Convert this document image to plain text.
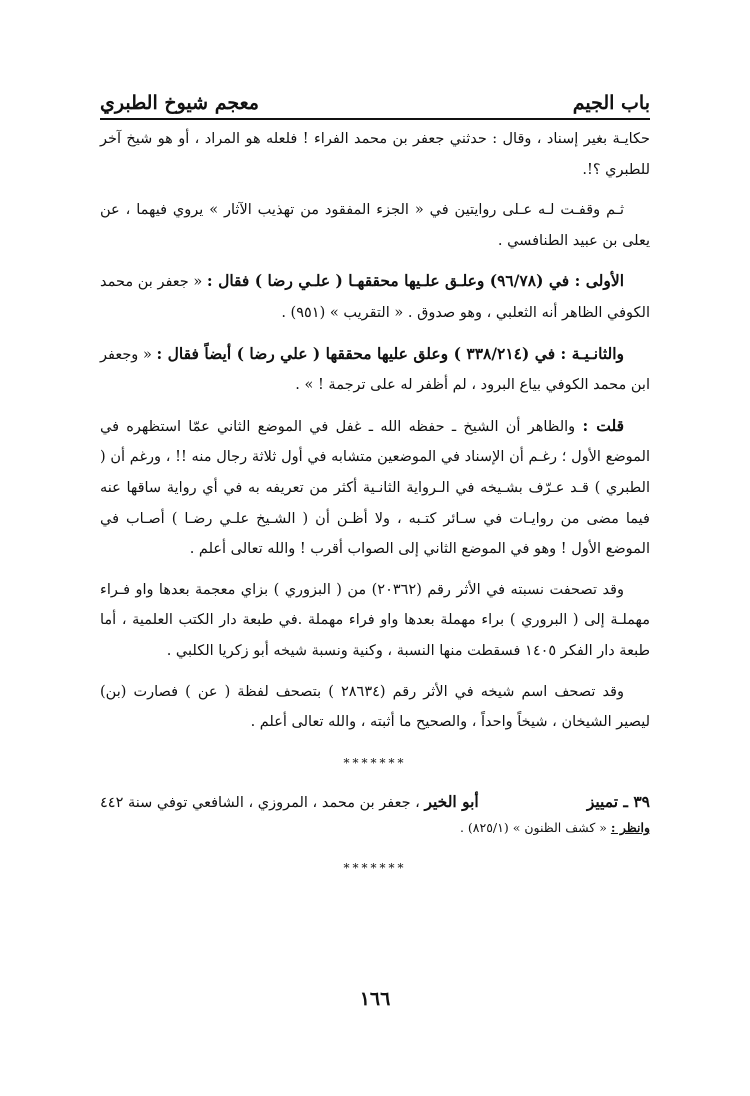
باب الجيم
معجم شيوخ الطبري

حكايـة بغير إسناد ، وقال : حدثني جعفر بن محمد الفراء ! فلعله هو المراد ، أو هو شيخ آخر للطبري ؟!.

ثـم وقفـت لـه عـلى روايتين في « الجزء المفقود من تهذيب الآثار » يروي فيهما ، عن يعلى بن عبيد الطنافسي .

الأولى : في (٩٦/٧٨) وعلـق علـيها محققهـا ( علـي رضا ) فقال : « جعفر بن محمد الكوفي الظاهر أنه الثعلبي ، وهو صدوق . « التقريب » (٩٥١) .

والثانـيـة : في (٣٣٨/٢١٤ ) وعلق عليها محققها ( علي رضا ) أيضاً فقال : « وجعفر ابن محمد الكوفي بياع البرود ، لم أظفر له على ترجمة ! » .

قلت : والظاهر أن الشيخ ـ حفظه الله ـ غفل في الموضع الثاني عمّا استظهره في الموضع الأول ؛ رغـم أن الإسناد في الموضعين متشابه في أول ثلاثة رجال منه !! ، ورغم أن ( الطبري ) قـد عـرّف بشـيخه في الـرواية الثانـية أكثر من تعريفه به في أي رواية ساقها عنه فيما مضى من روايـات في سـائر كتـبه ، ولا أظـن أن ( الشـيخ علـي رضـا ) أصـاب في الموضع الأول ! وهو في الموضع الثاني إلى الصواب أقرب ! والله تعالى أعلم .

وقد تصحفت نسبته في الأثر رقم (٢٠٣٦٢) من ( البزوري ) بزاي معجمة بعدها واو فـراء مهملـة إلى ( البروري ) براء مهملة بعدها واو فراء مهملة .في طبعة دار الكتب العلمية ، أما طبعة دار الفكر ١٤٠٥ فسقطت منها النسبة ، وكنية ونسبة شيخه أبو زكريا الكلبي .

وقد تصحف اسم شيخه في الأثر رقم (٢٨٦٣٤ ) بتصحف لفظة ( عن ) فصارت (بن) ليصير الشيخان ، شيخاً واحداً ، والصحيح ما أثبته ، والله تعالى أعلم .

*******

٣٩ ـ تمييز
أبو الخير ، جعفر بن محمد ، المروزي ، الشافعي توفي سنة ٤٤٢
وانظر : « كشف الظنون » (٨٢٥/١) .

*******

١٦٦
